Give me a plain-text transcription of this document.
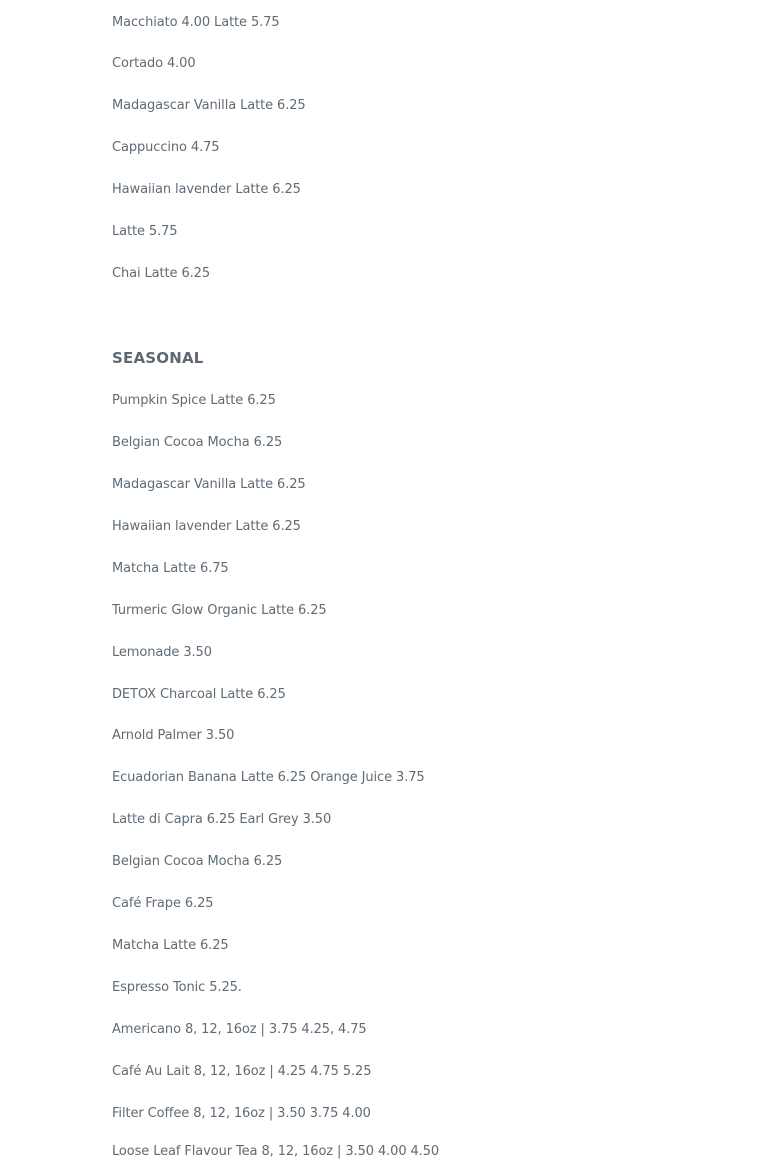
Macchiato 4.00 Latte 5.75
Cortado 4.00
Madagascar Vanilla Latte 6.25
Cappuccino 4.75
Hawaiian lavender Latte 6.25
Latte 5.75
Chai Latte 6.25
SEASONAL
Pumpkin Spice Latte 6.25
Belgian Cocoa Mocha 6.25
Madagascar Vanilla Latte 6.25
Hawaiian lavender Latte 6.25
Matcha Latte 6.75
Turmeric Glow Organic Latte 6.25
Lemonade 3.50
DETOX Charcoal Latte 6.25
Arnold Palmer 3.50
Ecuadorian Banana Latte 6.25 Orange Juice 3.75
Latte di Capra 6.25 Earl Grey 3.50
Belgian Cocoa Mocha 6.25
Café Frape 6.25
Matcha Latte 6.25
Espresso Tonic 5.25.
Americano 8, 12, 16oz | 3.75 4.25, 4.75
Café Au Lait 8, 12, 16oz | 4.25 4.75 5.25
Filter Coffee 8, 12, 16oz | 3.50 3.75 4.00
Loose Leaf Flavour Tea 8, 12, 16oz | 3.50 4.00 4.50
